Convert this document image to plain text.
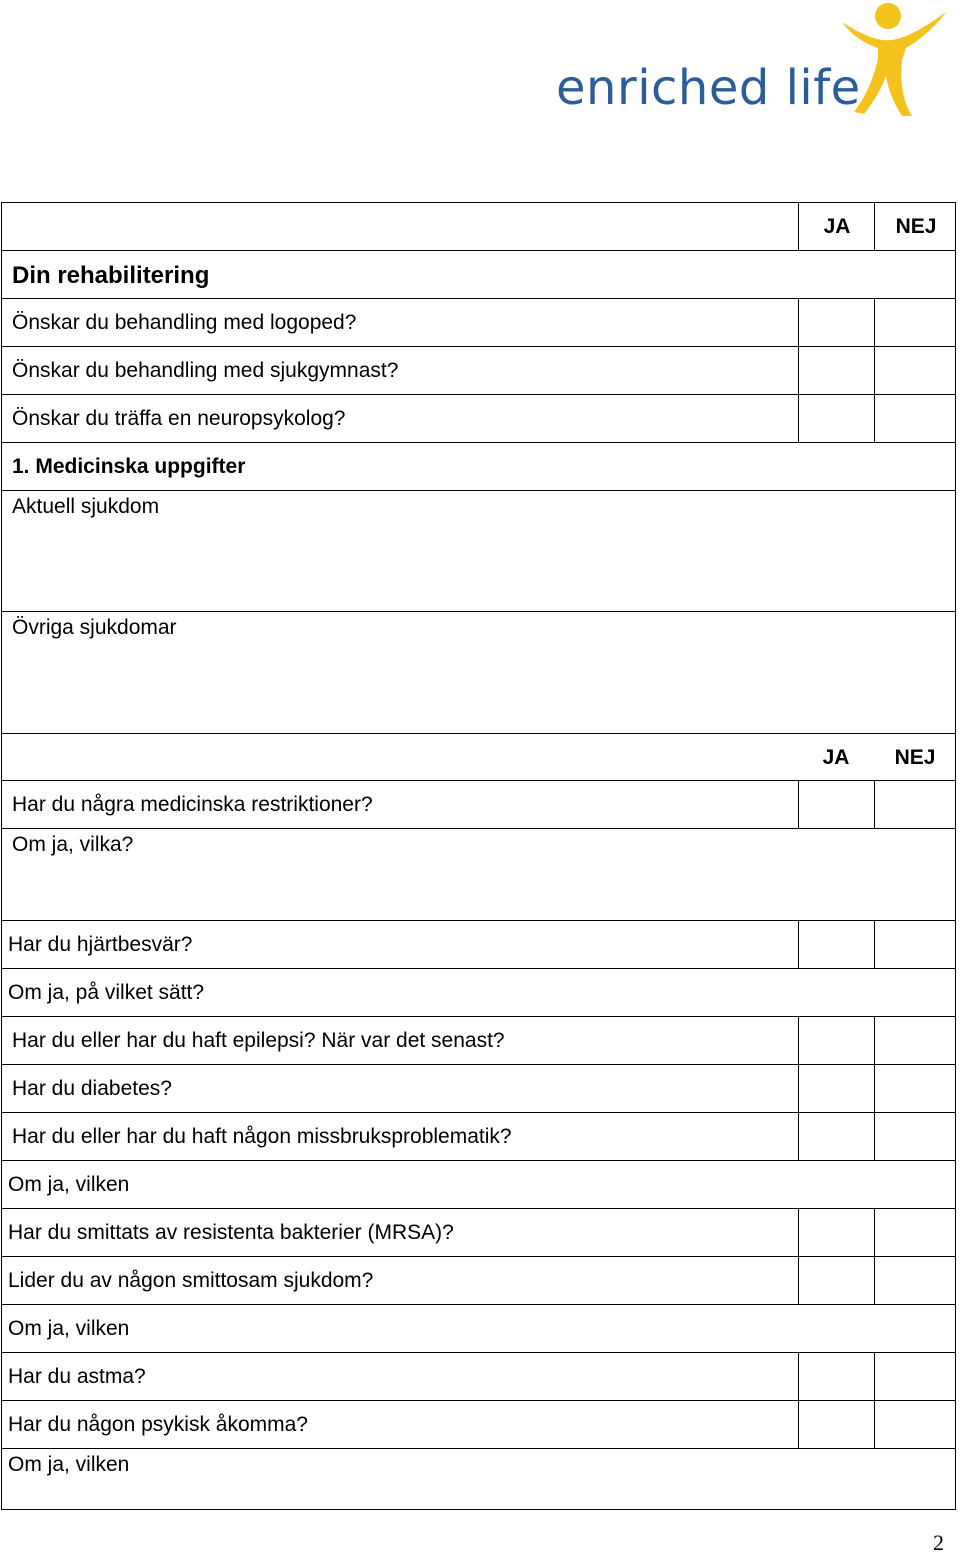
enriched life
JA	NEJ
Din rehabilitering
Önskar du behandling med logoped?
Önskar du behandling med sjukgymnast?
Önskar du träffa en neuropsykolog?
1. Medicinska uppgifter
Aktuell sjukdom
Övriga sjukdomar
JA	NEJ
Har du några medicinska restriktioner?
Om ja, vilka?
Har du hjärtbesvär?
Om ja, på vilket sätt?
Har du eller har du haft epilepsi? När var det senast?
Har du diabetes?
Har du eller har du haft någon missbruksproblematik?
Om ja, vilken
Har du smittats av resistenta bakterier (MRSA)?
Lider du av någon smittosam sjukdom?
Om ja, vilken
Har du astma?
Har du någon psykisk åkomma?
Om ja, vilken
2
